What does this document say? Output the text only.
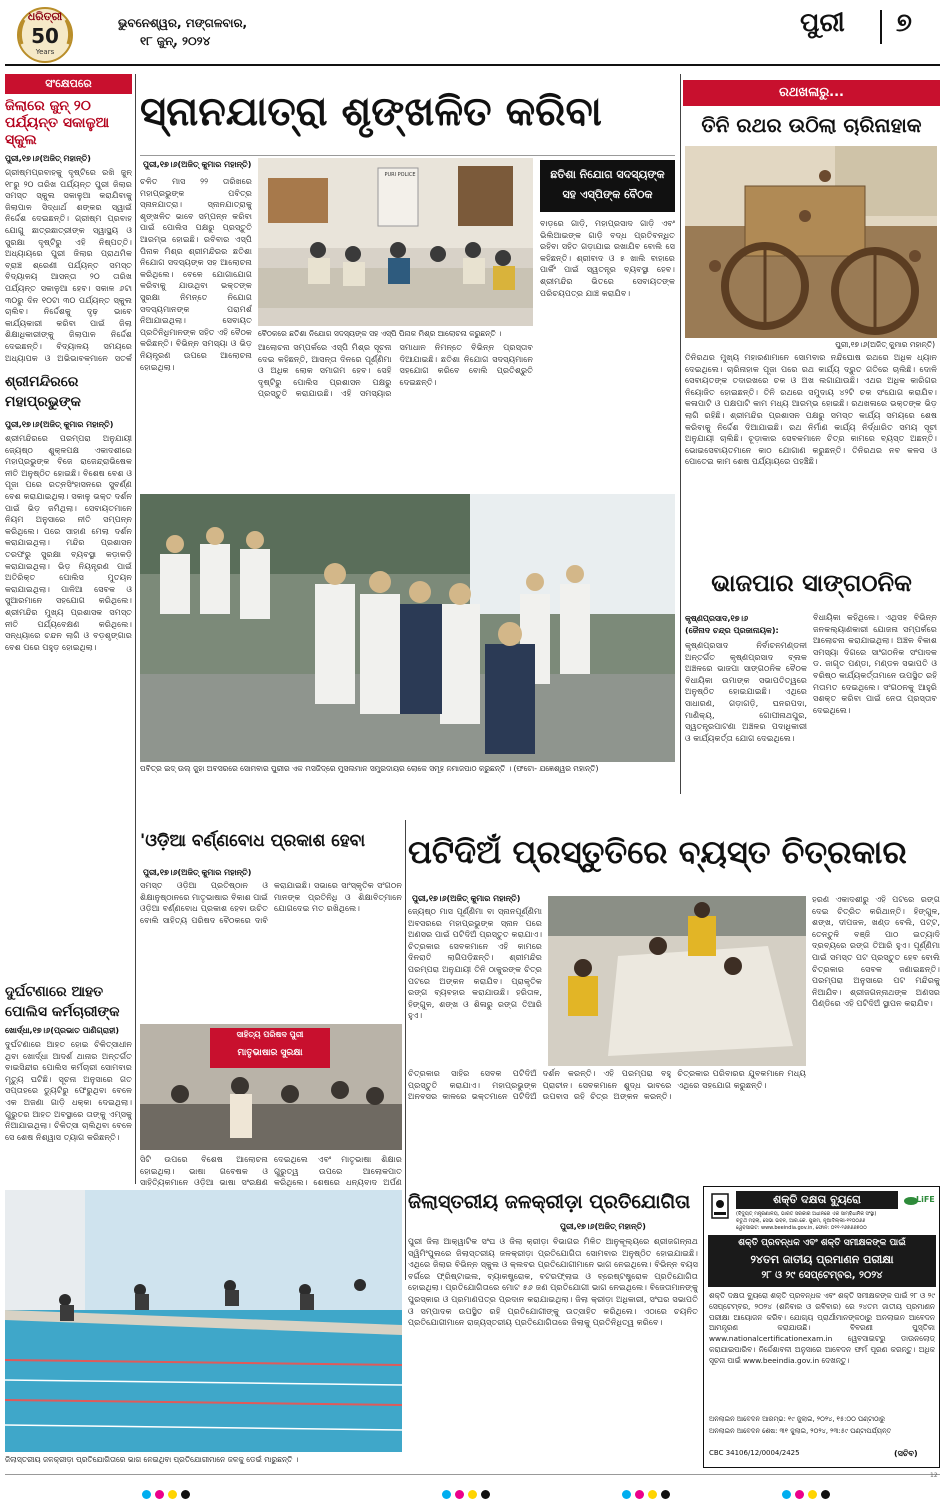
ଧରିତ୍ରୀ
50
Years
ଭୁବନେଶ୍ୱର, ମଙ୍ଗଳବାର,
୧୮ ଜୁନ୍, ୨୦୨୪
ପୁରୀ ୭
ସଂକ୍ଷେପରେ
ଜିଲାରେ ଜୁନ୍ ୨୦ ପର୍ଯ୍ୟନ୍ତ ସକାଳୁଆ ସ୍କୁଲ
ପୁରୀ,୧୭।୬(ଅଜିତ୍ ମହାନ୍ତି)
ଗ୍ରୀଷ୍ମପ୍ରବାହକୁ ଦୃଷ୍ଟିରେ ରଖି ଜୁନ୍ ୧୮ରୁ ୨୦ ତାରିଖ ପର୍ଯ୍ୟନ୍ତ ପୁରୀ ଜିଲାର ସମସ୍ତ ସ୍କୁଲ ସକାଳୁଆ କରାଯିବାକୁ ଜିଲାପାଳ ସିଦ୍ଧାର୍ଥ ଶଙ୍କର ସ୍ୱାଇଁ ନିର୍ଦ୍ଦେଶ ଦେଇଛନ୍ତି। ଗ୍ରୀଷ୍ମ ପ୍ରବାହ ଯୋଗୁ ଛାତ୍ରଛାତ୍ରୀଙ୍କ ସ୍ୱାସ୍ଥ୍ୟ ଓ ସୁରକ୍ଷା ଦୃଷ୍ଟିରୁ ଏହି ନିଷ୍ପତ୍ତି। ଅଧ୍ୟାୟରେ ପୁରୀ ଜିଲାର ପ୍ରାଥମିକ ବ୍ରାଞ୍ଚ ଶ୍ରେଣୀ ପର୍ଯ୍ୟନ୍ତ ସମସ୍ତ ବିଦ୍ୟାଳୟ ଆସନ୍ତା ୨୦ ତାରିଖ ପର୍ଯ୍ୟନ୍ତ ସକାଳୁଆ ହେବ। ସକାଳ ୬ଟା ୩୦ରୁ ଦିନ ୧୦ଟା ୩୦ ପର୍ଯ୍ୟନ୍ତ ସ୍କୁଲ ଚାଲିବ। ନିର୍ଦ୍ଦେଶକୁ ଦୃଢ଼ ଭାବେ କାର୍ଯ୍ୟକାରୀ କରିବା ପାଇଁ ଜିଲା ଶିକ୍ଷାଧିକାରୀଙ୍କୁ ଜିଲାପାଳ ନିର୍ଦ୍ଦେଶ ଦେଇଛନ୍ତି। ବିଦ୍ୟାଳୟ ସମୟରେ ଅଧ୍ୟାପକ ଓ ଅଭିଭାବକମାନେ ସତର୍କ
ଶ୍ରୀମନ୍ଦିରରେ ମହାପ୍ରଭୁଙ୍କ
ପୁରୀ,୧୭।୬(ଅଜିତ୍ କୁମାର ମହାନ୍ତି)
ଶ୍ରୀମନ୍ଦିରରେ ପରମ୍ପରା ଅନୁଯାୟୀ ଜ୍ୟେଷ୍ଠ ଶୁକ୍ଳପକ୍ଷ ଏକାଦଶୀରେ ମହାପ୍ରଭୁଙ୍କ ବିଜେ ରାଜେନ୍ଦ୍ରାଭିଷେକ ନୀତି ଅନୁଷ୍ଠିତ ହୋଇଛି। ବିଶେଷ ବେଶ ଓ ପୂଜା ପରେ ରତ୍ନସିଂହାସନରେ ସୁବର୍ଣ୍ଣ ବେଶ କରାଯାଇଥିଲା। ସକାଳୁ ଭକ୍ତ ଦର୍ଶନ ପାଇଁ ଭିଡ଼ ଜମିଥିଲା। ସେବାୟତମାନେ ନିୟମ ଅନୁସାରେ ନୀତି ସମ୍ପନ୍ନ କରିଥିଲେ। ପରେ ସାହାଣ ମେଲା ଦର୍ଶନ କରାଯାଇଥିଲା। ମନ୍ଦିର ପ୍ରଶାସନ ତରଫରୁ ସୁରକ୍ଷା ବ୍ୟବସ୍ଥା କଡ଼ାକଡ଼ି କରାଯାଇଥିଲା। ଭିଡ଼ ନିୟନ୍ତ୍ରଣ ପାଇଁ ଅତିରିକ୍ତ ପୋଲିସ ମୁତୟନ କରାଯାଇଥିଲା। ପାଳିଆ ସେବକ ଓ ସୁଆରମାନେ ସହଯୋଗ କରିଥିଲେ। ଶ୍ରୀମନ୍ଦିର ମୁଖ୍ୟ ପ୍ରଶାସକ ସମସ୍ତ ନୀତି ପର୍ଯ୍ୟବେକ୍ଷଣ କରିଥିଲେ। ସନ୍ଧ୍ୟାରେ ଚନ୍ଦନ ଲାଗି ଓ ବଡ଼ଶୃଙ୍ଗାର ବେଶ ପରେ ପହୁଡ଼ ହୋଇଥିଲା।
ଦୁର୍ଘଟଣାରେ ଆହତ ପୋଲିସ କର୍ମଚାରୀଙ୍କ
ଖୋର୍ଦ୍ଧା,୧୭।୬(ପ୍ରଭାତ ପାଣିଗ୍ରାହୀ)
ଦୁର୍ଘଟଣାରେ ଆହତ ହୋଇ ଚିକିତ୍ସାଧୀନ ଥିବା ଖୋର୍ଦ୍ଧା ଆଦର୍ଶ ଥାନାର ଅନ୍ତର୍ଗତ ବାଇସିନ୍ଦୀର ପୋଲିସ କର୍ମଚାରୀ ସୋମବାର ମୃତ୍ୟୁ ଘଟିଛି। ସୂଚନା ଅନୁସାରେ ଗତ ସପ୍ତାହରେ ଡ୍ୟୁଟିରୁ ଫେରୁଥିବା ବେଳେ ଏକ ଅଜଣା ଗାଡ଼ି ଧକ୍କା ଦେଇଥିଲା। ଗୁରୁତର ଆହତ ଅବସ୍ଥାରେ ତାଙ୍କୁ ଏମ୍ସକୁ ନିଆଯାଇଥିଲା। ଚିକିତ୍ସା ଚାଲିଥିବା ବେଳେ ସେ ଶେଷ ନିଶ୍ୱାସ ତ୍ୟାଗ କରିଛନ୍ତି।
ସ୍ନାନଯାତ୍ରା ଶୃଙ୍ଖଳିତ କରିବା
ପୁରୀ,୧୭।୬(ଅଜିତ୍ କୁମାର ମହାନ୍ତି)
PURI POLICE
ବୈଠକରେ ଛତିଶା ନିଯୋଗ ସଦସ୍ୟଙ୍କ ସହ ଏସ୍‌ପି ପିନାକ ମିଶ୍ର ଆଲୋଚନା କରୁଛନ୍ତି ।
ଛତିଶା ନିଯୋଗ ସଦସ୍ୟଙ୍କ ସହ ଏସ୍‌ପିଙ୍କ ବୈଠକ
ଚଳିତ ମାସ ୨୨ ତାରିଖରେ ମହାପ୍ରଭୁଙ୍କ ପବିତ୍ର ସ୍ନାନଯାତ୍ରା। ସ୍ନାନଯାତ୍ରାକୁ ଶୃଙ୍ଖଳିତ ଭାବେ ସମ୍ପନ୍ନ କରିବା ପାଇଁ ପୋଲିସ ପକ୍ଷରୁ ପ୍ରସ୍ତୁତି ଆରମ୍ଭ ହୋଇଛି। ରବିବାର ଏସ୍‌ପି ପିନାକ ମିଶ୍ର ଶ୍ରୀମନ୍ଦିରର ଛତିଶା ନିଯୋଗ ସଦସ୍ୟଙ୍କ ସହ ଆଲୋଚନା କରିଥିଲେ। ବେଳେ ଯୋଗାଯୋଗ କରିବାକୁ ଯାଉଥିବା ଭକ୍ତଙ୍କ ସୁରକ୍ଷା ନିମନ୍ତେ ନିଯୋଗ ସଦସ୍ୟମାନଙ୍କ ପରାମର୍ଶ ନିଆଯାଇଥିଲା। ସେବାୟତ ପ୍ରତିନିଧିମାନଙ୍କ ସହିତ ଏହି ବୈଠକ କରିଛନ୍ତି। ବିଭିନ୍ନ ସମସ୍ୟା ଓ ଭିଡ଼ ନିୟନ୍ତ୍ରଣ ଉପରେ ଆଲୋଚନା ହୋଇଥିଲା।
ଆଲୋଚନା ସମ୍ପର୍କରେ ଏସ୍‌ପି ମିଶ୍ର ସୂଚନା ଦେଇ କହିଛନ୍ତି, ଆସନ୍ତା ଦିନରେ ପୂର୍ଣ୍ଣିମା ଓ ଅଧିକ ଲୋକ ସମାଗମ ହେବ। ସେହି ଦୃଷ୍ଟିରୁ ପୋଲିସ ପ୍ରଶାସନ ପକ୍ଷରୁ ପ୍ରସ୍ତୁତି କରାଯାଉଛି। ଏହି ସମସ୍ୟାର ସମାଧାନ ନିମନ୍ତେ ବିଭିନ୍ନ ପ୍ରସ୍ତାବ ଦିଆଯାଇଛି। ଛତିଶା ନିଯୋଗ ସଦସ୍ୟମାନେ ସହଯୋଗ କରିବେ ବୋଲି ପ୍ରତିଶ୍ରୁତି ଦେଇଛନ୍ତି।
ବାଡ଼ରେ ଗାଡ଼ି, ମହାପ୍ରସାଦ ଗାଡ଼ି ଏବଂ ଭିଲିଆଇଙ୍କ ଗାଡ଼ି ବଦ୍ଧ ପ୍ରତିବନ୍ଧିତ ରହିବା ସହିତ ଗଡ଼ାଯାଇ ରଖାଯିବ ବୋଲି ସେ କହିଛନ୍ତି। ଶ୍ରୀବାଦ ଓ ୫ ଖାଲି ବାହାରେ ପାର୍କିଂ ପାଇଁ ସ୍ୱତନ୍ତ୍ର ବ୍ୟବସ୍ଥା ହେବ। ଶ୍ରୀମନ୍ଦିର ଭିତରେ ସେବାୟତଙ୍କ ପରିଚୟପତ୍ର ଯାଞ୍ଚ କରାଯିବ।
ରଥଖଳାରୁ...
ତିନି ରଥର ଉଠିଲା ଚାରିନାହାକ
ପୁରୀ,୧୭।୬(ଅଜିତ୍ କୁମାର ମହାନ୍ତି)
ତିନିରଥର ମୁଖ୍ୟ ମହାରଣାମାନେ ସୋମବାର ନନ୍ଦିଘୋଷ ରଥରେ ଅଧିକ ଧ୍ୟାନ ଦେଇଥିଲେ। ଚାରିନାହାକ ପୂଜା ପରେ ରଥ କାର୍ଯ୍ୟ ଦ୍ରୁତ ଗତିରେ ଚାଲିଛି। ଦୋଳି ସେବାୟତଙ୍କ ତଦାରଖରେ ଚକ ଓ ଅଖ ଲଗାଯାଉଛି। ଏଥର ଅଧିକ କାରିଗର ନିୟୋଜିତ ହୋଇଛନ୍ତି। ତିନି ରଥରେ ସମୁଦାୟ ୪୨ଟି ଚକ ସଂଯୋଗ କରାଯିବ। କଳାପାଟି ଓ ପକ୍ଷପାଟି କାମ ମଧ୍ୟ ଆରମ୍ଭ ହୋଇଛି। ରଥଖଳାରେ ଭକ୍ତଙ୍କ ଭିଡ଼ ଲାଗି ରହିଛି। ଶ୍ରୀମନ୍ଦିର ପ୍ରଶାସନ ପକ୍ଷରୁ ସମସ୍ତ କାର୍ଯ୍ୟ ସମୟରେ ଶେଷ କରିବାକୁ ନିର୍ଦ୍ଦେଶ ଦିଆଯାଇଛି। ରଥ ନିର୍ମାଣ କାର୍ଯ୍ୟ ନିର୍ଦ୍ଧାରିତ ସମୟ ସୂଚୀ ଅନୁଯାୟୀ ଚାଲିଛି। ଚୂଡ଼ାକାର ସେବକମାନେ ଚିତ୍ର କାମରେ ବ୍ୟସ୍ତ ଅଛନ୍ତି। ଭୋଇସେବାୟତମାନେ କାଠ ଯୋଗାଣ କରୁଛନ୍ତି। ତିନିରଥର ନବ କଳସ ଓ ପୋତେଇ କାମ ଶେଷ ପର୍ଯ୍ୟାୟରେ ପହଞ୍ଚିଛି।
ପବିତ୍ର ଇଦ୍ ଉଲ୍ ଜୁହା ଅବସରରେ ସୋମବାର ପୁରୀର ଏକ ମସଜିଦ୍‌ରେ ମୁସଲମାନ ସମ୍ପ୍ରଦାୟର ଲୋକେ ସମୂହ ନମାଜପାଠ କରୁଛନ୍ତି । (ଫଟୋ- ଯଜ୍ଞେଶ୍ୱର ମହାନ୍ତି)
ଭାଜପାର ସାଙ୍ଗଠନିକ
କୃଷ୍ଣପ୍ରସାଦ,୧୭।୬
(ଜୈନାଦ ଚନ୍ଦ୍ର ପ୍ରଜାନାୟକ):
କୃଷ୍ଣପ୍ରସାଦ ନିର୍ବାଚନମଣ୍ଡଳୀ ଅନ୍ତର୍ଗତ କୃଷ୍ଣପ୍ରସାଦ ବ୍ଲକ ଅଞ୍ଚଳରେ ଭାଜପା ସାଙ୍ଗଠନିକ ବୈଠକ ବିଧାୟିକା ଉମାଙ୍କ ସଭାପତିତ୍ୱରେ ଅନୁଷ୍ଠିତ ହୋଇଯାଇଛି। ଏଥିରେ ସାଧାରଣ, ଗଡ଼ାଗଡ଼ି, ଘନରପଦା, ମାଣିକ୍ୟ, ଗୋପୀନାଥପୁର, ସ୍ୱତନ୍ତ୍ରପାଟଣା ଅଞ୍ଚଳର ପଦାଧିକାରୀ ଓ କାର୍ଯ୍ୟକର୍ତ୍ତା ଯୋଗ ଦେଇଥିଲେ।
ବିଧାୟିକା କହିଥିଲେ। ଏଥିସହ ବିଭିନ୍ନ ଜନକଲ୍ୟାଣକାରୀ ଯୋଜନା ସମ୍ପର୍କରେ ଆଲୋଚନା କରାଯାଇଥିଲା। ଅଞ୍ଚଳ ବିକାଶ ସମସ୍ୟା ଦିଗରେ ସାଂଗଠନିକ ସଂପାଦକ ଡ. ଜାଗୃତ ପଣ୍ଡା, ମଣ୍ଡଳ ସଭାପତି ଓ ବରିଷ୍ଠ କାର୍ଯ୍ୟକର୍ତ୍ତାମାନେ ଉପସ୍ଥିତ ରହି ମତାମତ ଦେଇଥିଲେ। ସଂଗଠନକୁ ଆହୁରି ସଶକ୍ତ କରିବା ପାଇଁ ନେତା ପ୍ରସ୍ତାବ ଦେଇଥିଲେ।
'ଓଡ଼ିଆ ବର୍ଣ୍ଣବୋଧ ପ୍ରକାଶ ହେବା
ପୁରୀ,୧୭।୬(ଅଜିତ୍ କୁମାର ମହାନ୍ତି)
ସମସ୍ତ ଓଡ଼ିଆ ପ୍ରତିଷ୍ଠାନ ଓ ଶିକ୍ଷାନୁଷ୍ଠାନରେ ମାତୃଭାଷାର ବିକାଶ ପାଇଁ ଓଡ଼ିଆ ବର୍ଣ୍ଣବୋଧ ପ୍ରକାଶ ହେବା ଉଚିତ ବୋଲି ସାହିତ୍ୟ ପରିଷଦ ବୈଠକରେ ଦାବି କରାଯାଇଛି। ସଭାରେ ସାଂସ୍କୃତିକ ସଂଗଠନ ମାନଙ୍କ ପ୍ରତିନିଧି ଓ ଶିକ୍ଷାବିତ୍‌ମାନେ ଯୋଗଦେଇ ମତ ରଖିଥିଲେ।
ସାହିତ୍ୟ ପରିଷଦ ପୁରୀ
ମାତୃଭାଷାର ସୁରକ୍ଷା
ସିଟି ଉପରେ ବିଶେଷ ଆଲୋଚନା ହୋଇଥିଲା। ଭାଷା ଗବେଷକ ଓ ସାହିତ୍ୟିକମାନେ ଓଡ଼ିଆ ଭାଷା ସଂରକ୍ଷଣ ଦେଇଥିଲେ ଏବଂ ମାତୃଭାଷା ଶିକ୍ଷାର ଗୁରୁତ୍ୱ ଉପରେ ଆଲୋକପାତ କରିଥିଲେ। ଶେଷରେ ଧନ୍ୟବାଦ ଅର୍ପଣ
ପଟିଦିଅଁ ପ୍ରସ୍ତୁତିରେ ବ୍ୟସ୍ତ ଚିତ୍ରକାର
ପୁରୀ,୧୭।୬(ଅଜିତ୍ କୁମାର ମହାନ୍ତି)
ଜ୍ୟେଷ୍ଠ ମାସ ପୂର୍ଣ୍ଣିମା ବା ସ୍ନାନପୂର୍ଣ୍ଣିମା ଅବସରରେ ମହାପ୍ରଭୁଙ୍କ ସ୍ନାନ ପରେ ଅଣସର ପାଇଁ ପଟିଦିଅଁ ପ୍ରସ୍ତୁତ କରାଯାଏ। ଚିତ୍ରକାର ସେବକମାନେ ଏହି କାମରେ ଦିନରାତି ଲାଗିପଡ଼ିଛନ୍ତି। ଶ୍ରୀମନ୍ଦିର ପରମ୍ପରା ଅନୁଯାୟୀ ତିନି ଠାକୁରଙ୍କ ଚିତ୍ର ପଟରେ ଅଙ୍କନ କରାଯିବ। ପ୍ରାକୃତିକ ରଙ୍ଗ ବ୍ୟବହାର କରାଯାଉଛି। ହରିତାଳ, ହିଙ୍ଗୁଳ, ଶଙ୍ଖ ଓ ଶିଳାରୁ ରଙ୍ଗ ତିଆରି ହୁଏ।
ଚିତ୍ରକାର ସାହିର ସେବକ ପଟିଦିଅଁ ପ୍ରସ୍ତୁତି କରାଯାଏ। ମହାପ୍ରଭୁଙ୍କ ଅନବସର କାଳରେ ଭକ୍ତମାନେ ପଟିଦିଅଁ ଦର୍ଶନ କରନ୍ତି। ଏହି ପରମ୍ପରା ବହୁ ପ୍ରାଚୀନ। ସେବକମାନେ ଶୁଦ୍ଧ ଭାବରେ ଉପବାସ ରହି ଚିତ୍ର ଅଙ୍କନ କରନ୍ତି। ଚିତ୍ରକାର ପରିବାରର ଯୁବକମାନେ ମଧ୍ୟ ଏଥିରେ ସହଯୋଗ କରୁଛନ୍ତି।
ହରଣ ଏକାଦଶୀରୁ ଏହି ପଟରେ ରଙ୍ଗ ଦେଇ ଚିତ୍ରିତ କରିଥାନ୍ତି। ହିଙ୍ଗୁଳ, ଶଙ୍ଖ, ଦୀପଜଳ, ଖଣ୍ଡ ବେଲି, ପଟ୍ଟ, ତେନ୍ତୁଳି ବଞ୍ଜି ପାଠ ଇତ୍ୟାଦି ଦ୍ରବ୍ୟରେ ରଙ୍ଗ ତିଆରି ହୁଏ। ପୂର୍ଣ୍ଣିମା ପାଇଁ ସମସ୍ତ ପଟ ପ୍ରସ୍ତୁତ ହେବ ବୋଲି ଚିତ୍ରକାର ସେବକ ଜଣାଇଛନ୍ତି। ପରମ୍ପରା ଅନୁସାରେ ପଟ ମନ୍ଦିରକୁ ନିଆଯିବ। ଶ୍ରୀଜଗନ୍ନାଥଙ୍କ ଅଣସର ପିଣ୍ଡିରେ ଏହି ପଟିଦିଅଁ ସ୍ଥାପନ କରାଯିବ।
ଜିଲାସ୍ତରୀୟ ଜଳକ୍ରୀଡ଼ା ପ୍ରତିଯୋଗିତାରେ ଭାଗ ନେଇଥିବା ପ୍ରତିଯୋଗୀମାନେ ଜଳକୁ ଡେଇଁ ମାରୁଛନ୍ତି ।
ଜିଲାସ୍ତରୀୟ ଜଳକ୍ରୀଡ଼ା ପ୍ରତିଯୋଗିତା
ପୁରୀ,୧୭।୬(ଅଜିତ୍ ମହାନ୍ତି)
ପୁରୀ ଜିଲା ଆକ୍ୱାଟିକ ସଂଘ ଓ ଜିଲା କ୍ରୀଡ଼ା ବିଭାଗର ମିଳିତ ଆନୁକୂଲ୍ୟରେ ଶ୍ରୀଜଗନ୍ନାଥ ସ୍ୱିମିଂପୁଲରେ ଜିଲାସ୍ତରୀୟ ଜଳକ୍ରୀଡ଼ା ପ୍ରତିଯୋଗିତା ସୋମବାର ଅନୁଷ୍ଠିତ ହୋଇଯାଇଛି। ଏଥିରେ ଜିଲାର ବିଭିନ୍ନ ସ୍କୁଲ ଓ କ୍ଲବର ପ୍ରତିଯୋଗୀମାନେ ଭାଗ ନେଇଥିଲେ। ବିଭିନ୍ନ ବୟସ ବର୍ଗରେ ଫ୍ରିଷ୍ଟାଇଲ, ବ୍ୟାକଷ୍ଟ୍ରୋକ, ବଟରଫ୍ଲାଇ ଓ ବ୍ରେଷ୍ଟଷ୍ଟ୍ରୋକ ପ୍ରତିଯୋଗିତା ହୋଇଥିଲା। ପ୍ରତିଯୋଗିତାରେ ମୋଟ ୫୬ ଜଣ ପ୍ରତିଯୋଗୀ ଭାଗ ନେଇଥିଲେ। ବିଜେତାମାନଙ୍କୁ ପୁରସ୍କାର ଓ ପ୍ରମାଣପତ୍ର ପ୍ରଦାନ କରାଯାଇଥିଲା। ଜିଲା କ୍ରୀଡ଼ା ଅଧିକାରୀ, ସଂଘର ସଭାପତି ଓ ସମ୍ପାଦକ ଉପସ୍ଥିତ ରହି ପ୍ରତିଯୋଗୀଙ୍କୁ ଉତ୍ସାହିତ କରିଥିଲେ। ଏଠାରେ ଚୟନିତ ପ୍ରତିଯୋଗୀମାନେ ରାଜ୍ୟସ୍ତରୀୟ ପ୍ରତିଯୋଗିତାରେ ଜିଲାକୁ ପ୍ରତିନିଧିତ୍ୱ କରିବେ।
ଶକ୍ତି ଦକ୍ଷତା ବ୍ୟୁରୋ	LiFE
(ବିଦ୍ୟୁତ୍ ମନ୍ତ୍ରଣାଳୟ, ଭାରତ ସରକାର ଅଧୀନରେ ଏକ ସାମ୍ବିଧାନିକ ସଂସ୍ଥା)
ଚତୁର୍ଥ ମହଲା, ସେଭା ଭବନ, ଆର.କେ. ପୁରମ, ନୂଆଦିଲ୍ଲୀ-୧୧୦୦୬୬
ୱେବସାଇଟ: www.beeindia.gov.in, ଫୋନ: ୦୧୧-୨୬୭୬୬୭୦୦
ଶକ୍ତି ପ୍ରବନ୍ଧକ ଏବଂ ଶକ୍ତି ସମୀକ୍ଷକଙ୍କ ପାଇଁ
୨୪ତମ ଜାତୀୟ ପ୍ରମାଣନ ପରୀକ୍ଷା
୨୮ ଓ ୨୯ ସେପ୍ଟେମ୍ବର, ୨୦୨୪
ଶକ୍ତି ଦକ୍ଷତା ବ୍ୟୁରୋ ଶକ୍ତି ପ୍ରବନ୍ଧକ ଏବଂ ଶକ୍ତି ସମୀକ୍ଷକଙ୍କ ପାଇଁ ୨୮ ଓ ୨୯ ସେପ୍ଟେମ୍ବର, ୨୦୨୪ (ଶନିବାର ଓ ରବିବାର) ରେ ୨୪ତମ ଜାତୀୟ ପ୍ରମାଣନ ପରୀକ୍ଷା ଆୟୋଜନ କରିବ। ଯୋଗ୍ୟ ପ୍ରାର୍ଥୀମାନଙ୍କଠାରୁ ଅନଲାଇନ ଆବେଦନ ଆମନ୍ତ୍ରଣ କରାଯାଉଛି। ବିବରଣୀ ପୁସ୍ତିକା www.nationalcertificationexam.in ୱେବସାଇଟରୁ ଡାଉନଲୋଡ୍ କରାଯାଇପାରିବ। ନିର୍ଦ୍ଦେଶାବଳୀ ଅନୁସାରେ ଆବେଦନ ଫର୍ମ ପୂରଣ କରନ୍ତୁ। ଅଧିକ ସୂଚନା ପାଇଁ www.beeindia.gov.in ଦେଖନ୍ତୁ।
ଅନଲାଇନ ଆବେଦନ ଆରମ୍ଭ: ୧୯ ଜୁଲାଇ, ୨୦୨୪, ୧୫:୦୦ ଘଣ୍ଟାଠାରୁ
ଅନଲାଇନ ଆବେଦନ ଶେଷ: ୩୧ ଜୁଲାଇ, ୨୦୨୪, ୨୩:୫୯ ଘଣ୍ଟାପର୍ଯ୍ୟନ୍ତ
CBC 34106/12/0004/2425	(ସଚିବ)
12
